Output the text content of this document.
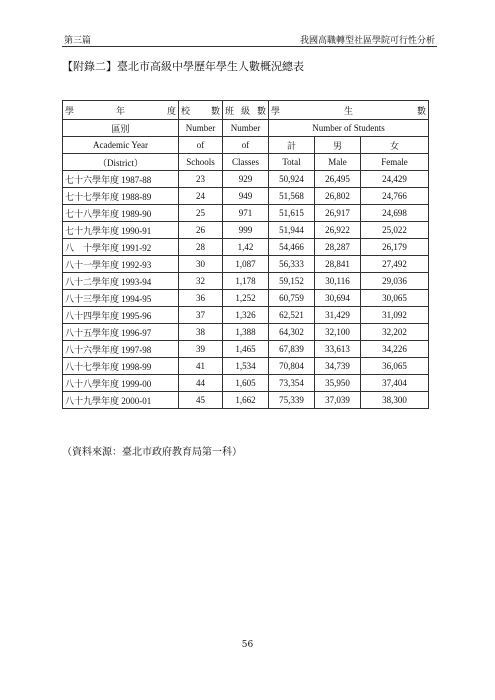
第三篇	我國高職轉型社區學院可行性分析
【附錄二】臺北市高級中學歷年學生人數概況總表
學 年 度	校 數	班 級 數	學 生 數		

區別	Number	Number	Number of Students		
Academic Year	of	of	計	男	女
（District）	Schools	Classes	Total	Male	Female
七十六學年度 1987-88	23	929	50,924	26,495	24,429
七十七學年度 1988-89	24	949	51,568	26,802	24,766
七十八學年度 1989-90	25	971	51,615	26,917	24,698
七十九學年度 1990-91	26	999	51,944	26,922	25,022
八　十學年度 1991-92	28	1,42	54,466	28,287	26,179
八十一學年度 1992-93	30	1,087	56,333	28,841	27,492
八十二學年度 1993-94	32	1,178	59,152	30,116	29,036
八十三學年度 1994-95	36	1,252	60,759	30,694	30,065
八十四學年度 1995-96	37	1,326	62,521	31,429	31,092
八十五學年度 1996-97	38	1,388	64,302	32,100	32,202
八十六學年度 1997-98	39	1,465	67,839	33,613	34,226
八十七學年度 1998-99	41	1,534	70,804	34,739	36,065
八十八學年度 1999-00	44	1,605	73,354	35,950	37,404
八十九學年度 2000-01	45	1,662	75,339	37,039	38,300
（資料來源：臺北市政府教育局第一科）
56
